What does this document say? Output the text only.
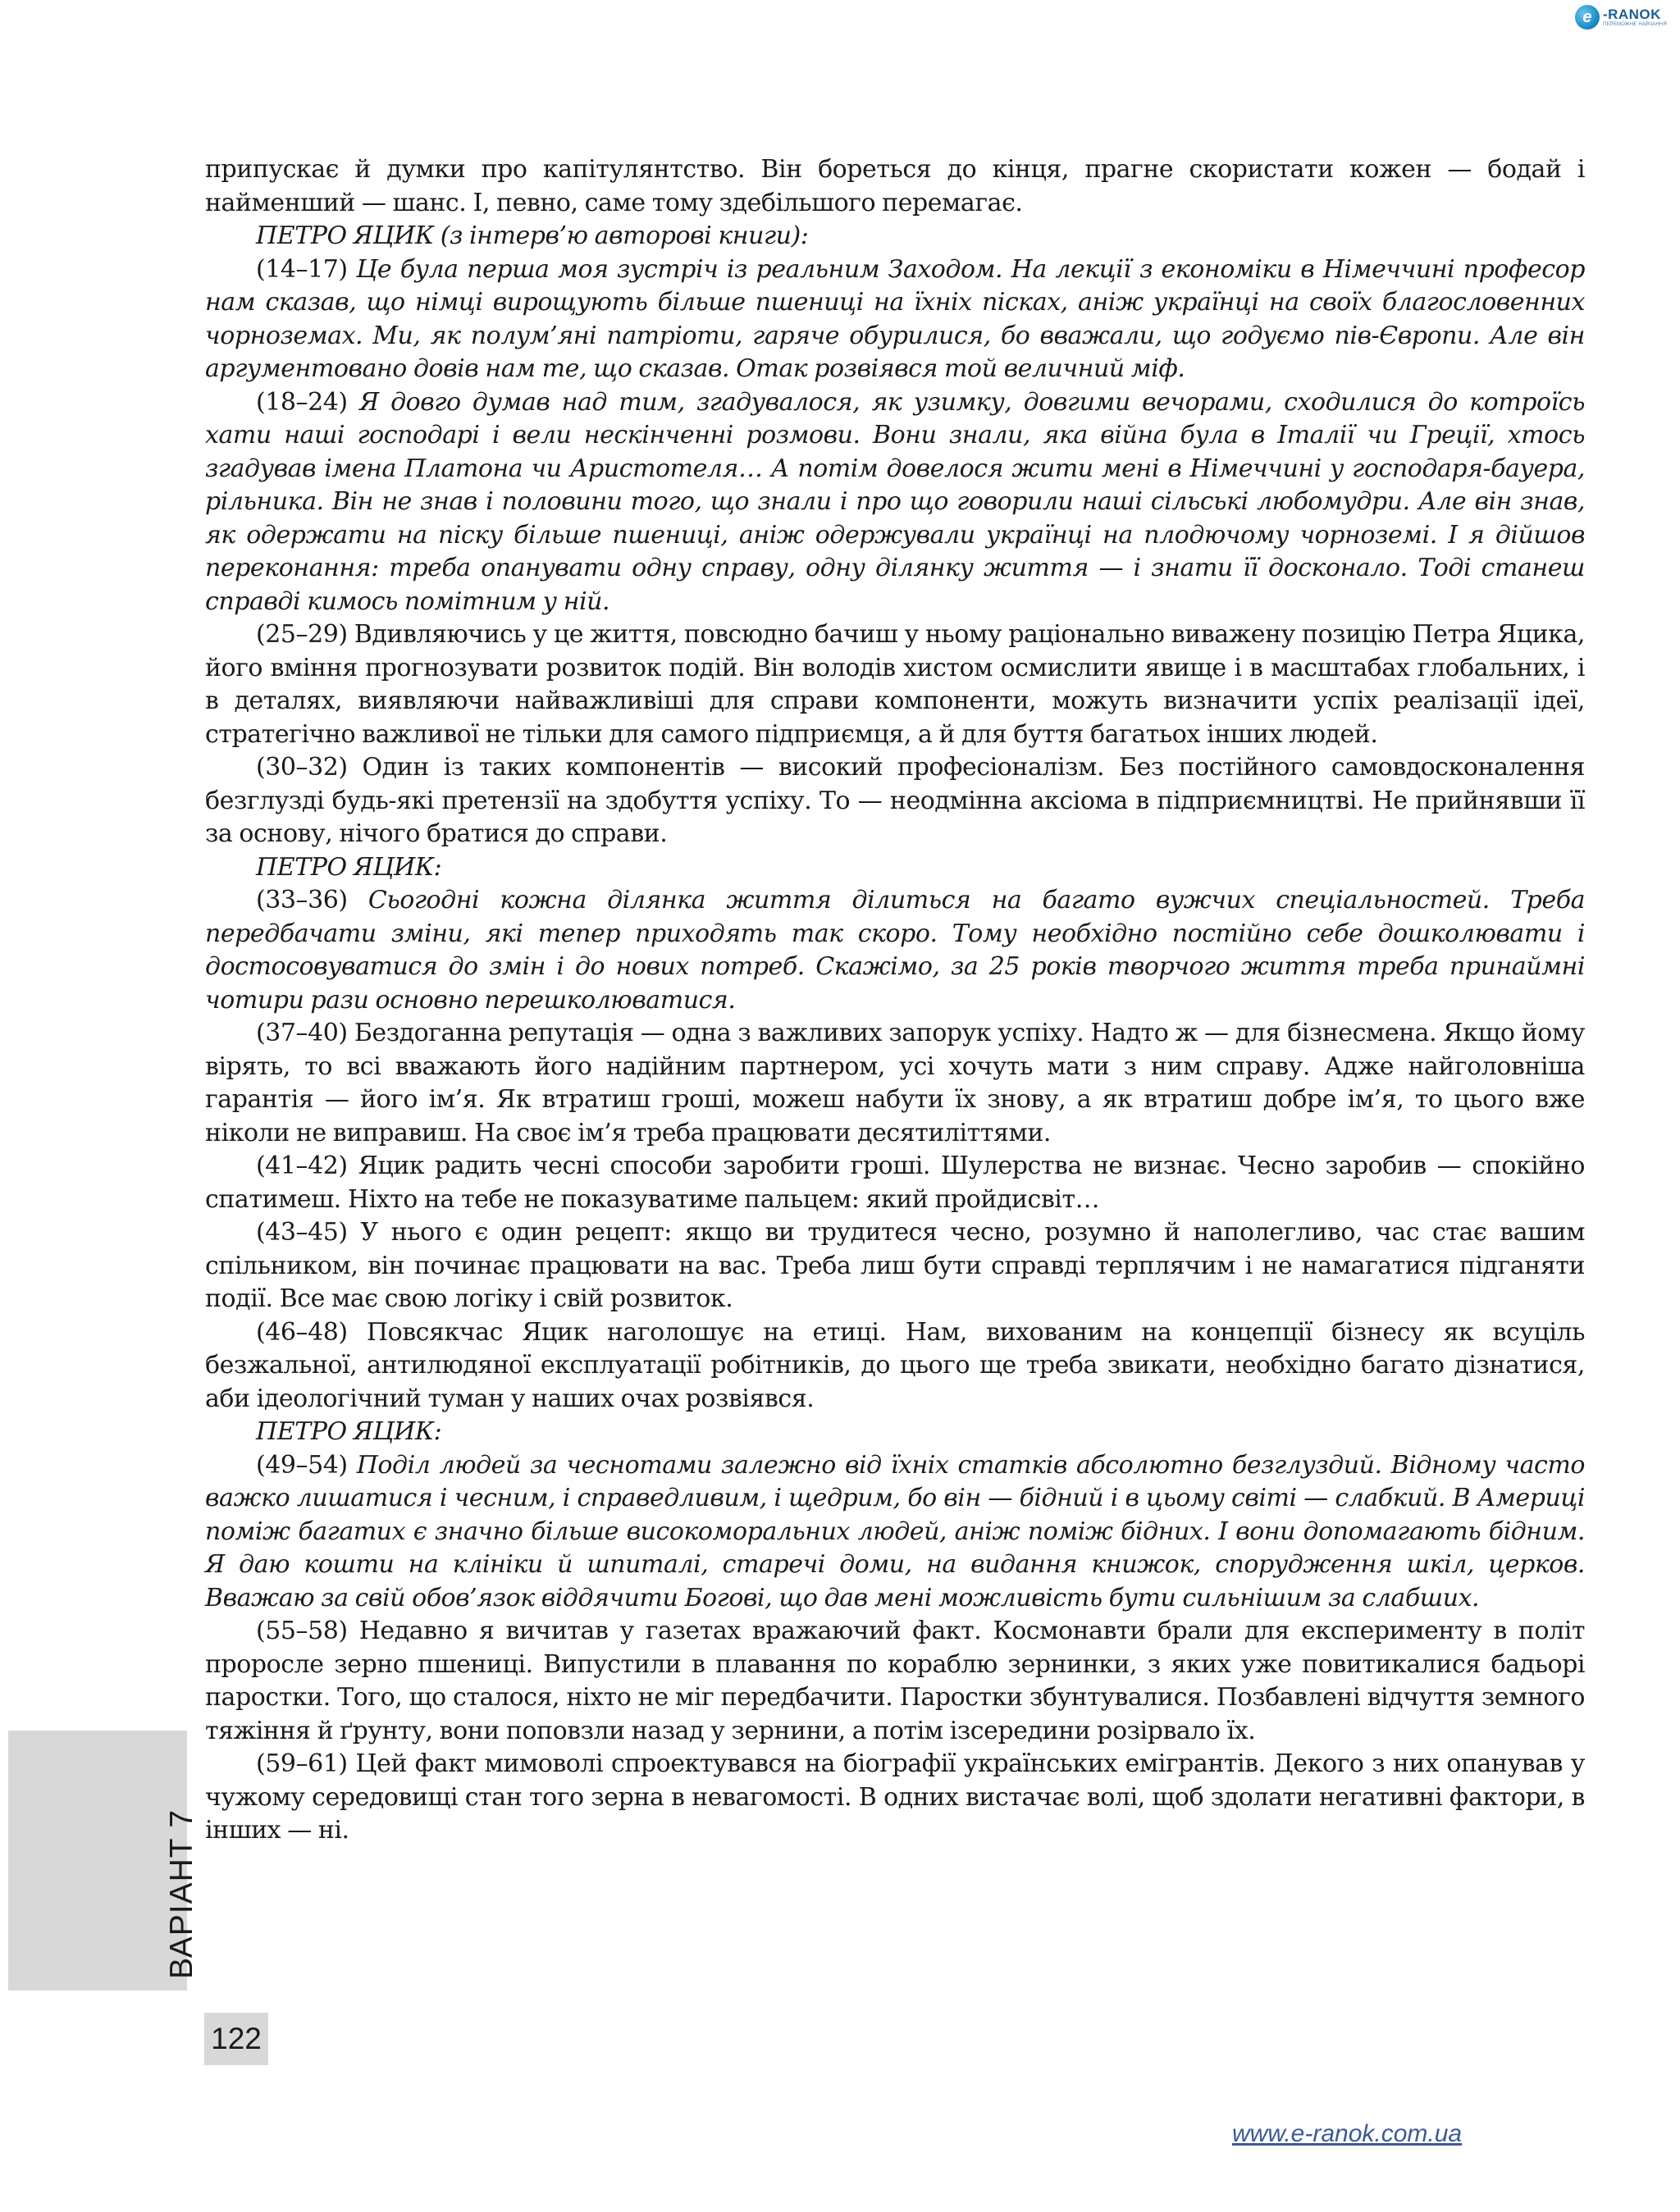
e -RANOK
ПЕРЕМОЖНЕ НАВЧАННЯ

припускає й думки про капітулянтство. Він бореться до кінця, прагне скористати кожен — бодай і найменший — шанс. І, певно, саме тому здебільшого перемагає.

ПЕТРО ЯЦИК (з інтерв’ю авторові книги):

(14–17) Це була перша моя зустріч із реальним Заходом. На лекції з економіки в Німеччині професор нам сказав, що німці вирощують більше пшениці на їхніх пісках, аніж українці на своїх благословенних чорноземах. Ми, як полум’яні патріоти, гаряче обурилися, бо вважали, що годуємо пів-Європи. Але він аргументовано довів нам те, що сказав. Отак розвіявся той величний міф.

(18–24) Я довго думав над тим, згадувалося, як узимку, довгими вечорами, сходилися до котроїсь хати наші господарі і вели нескінченні розмови. Вони знали, яка війна була в Італії чи Греції, хтось згадував імена Платона чи Аристотеля… А потім довелося жити мені в Німеччині у господаря-бауера, рільника. Він не знав і половини того, що знали і про що говорили наші сільські любомудри. Але він знав, як одержати на піску більше пшениці, аніж одержували українці на плодючому чорноземі. І я дійшов переконання: треба опанувати одну справу, одну ділянку життя — і знати її досконало. Тоді станеш справді кимось помітним у ній.

(25–29) Вдивляючись у це життя, повсюдно бачиш у ньому раціонально виважену позицію Петра Яцика, його вміння прогнозувати розвиток подій. Він володів хистом осмислити явище і в масштабах глобальних, і в деталях, виявляючи найважливіші для справи компоненти, можуть визначити успіх реалізації ідеї, стратегічно важливої не тільки для самого підприємця, а й для буття багатьох інших людей.

(30–32) Один із таких компонентів — високий професіоналізм. Без постійного самовдосконалення безглузді будь-які претензії на здобуття успіху. То — неодмінна аксіома в підприємництві. Не прийнявши її за основу, нічого братися до справи.

ПЕТРО ЯЦИК:

(33–36) Сьогодні кожна ділянка життя ділиться на багато вужчих спеціальностей. Треба передбачати зміни, які тепер приходять так скоро. Тому необхідно постійно себе дошколювати і достосовуватися до змін і до нових потреб. Скажімо, за 25 років творчого життя треба принаймні чотири рази основно перешколюватися.

(37–40) Бездоганна репутація — одна з важливих запорук успіху. Надто ж — для бізнесмена. Якщо йому вірять, то всі вважають його надійним партнером, усі хочуть мати з ним справу. Адже найголовніша гарантія — його ім’я. Як втратиш гроші, можеш набути їх знову, а як втратиш добре ім’я, то цього вже ніколи не виправиш. На своє ім’я треба працювати десятиліттями.

(41–42) Яцик радить чесні способи заробити гроші. Шулерства не визнає. Чесно заробив — спокійно спатимеш. Ніхто на тебе не показуватиме пальцем: який пройдисвіт…

(43–45) У нього є один рецепт: якщо ви трудитеся чесно, розумно й наполегливо, час стає вашим спільником, він починає працювати на вас. Треба лиш бути справді терплячим і не намагатися підганяти події. Все має свою логіку і свій розвиток.

(46–48) Повсякчас Яцик наголошує на етиці. Нам, вихованим на концепції бізнесу як всуціль безжальної, антилюдяної експлуатації робітників, до цього ще треба звикати, необхідно багато дізнатися, аби ідеологічний туман у наших очах розвіявся.

ПЕТРО ЯЦИК:

(49–54) Поділ людей за чеснотами залежно від їхніх статків абсолютно безглуздий. Відному часто важко лишатися і чесним, і справедливим, і щедрим, бо він — бідний і в цьому світі — слабкий. В Америці поміж багатих є значно більше високоморальних людей, аніж поміж бідних. І вони допомагають бідним. Я даю кошти на клініки й шпиталі, старечі доми, на видання книжок, спорудження шкіл, церков. Вважаю за свій обов’язок віддячити Богові, що дав мені можливість бути сильнішим за слабших.

(55–58) Недавно я вичитав у газетах вражаючий факт. Космонавти брали для експерименту в політ проросле зерно пшениці. Випустили в плавання по кораблю зернинки, з яких уже повитикалися бадьорі паростки. Того, що сталося, ніхто не міг передбачити. Паростки збунтувалися. Позбавлені відчуття земного тяжіння й ґрунту, вони поповзли назад у зернини, а потім ізсередини розірвало їх.

(59–61) Цей факт мимоволі спроектувався на біографії українських емігрантів. Декого з них опанував у чужому середовищі стан того зерна в невагомості. В одних вистачає волі, щоб здолати негативні фактори, в інших — ні.

ВАРІАНТ 7
122
www.e-ranok.com.ua
